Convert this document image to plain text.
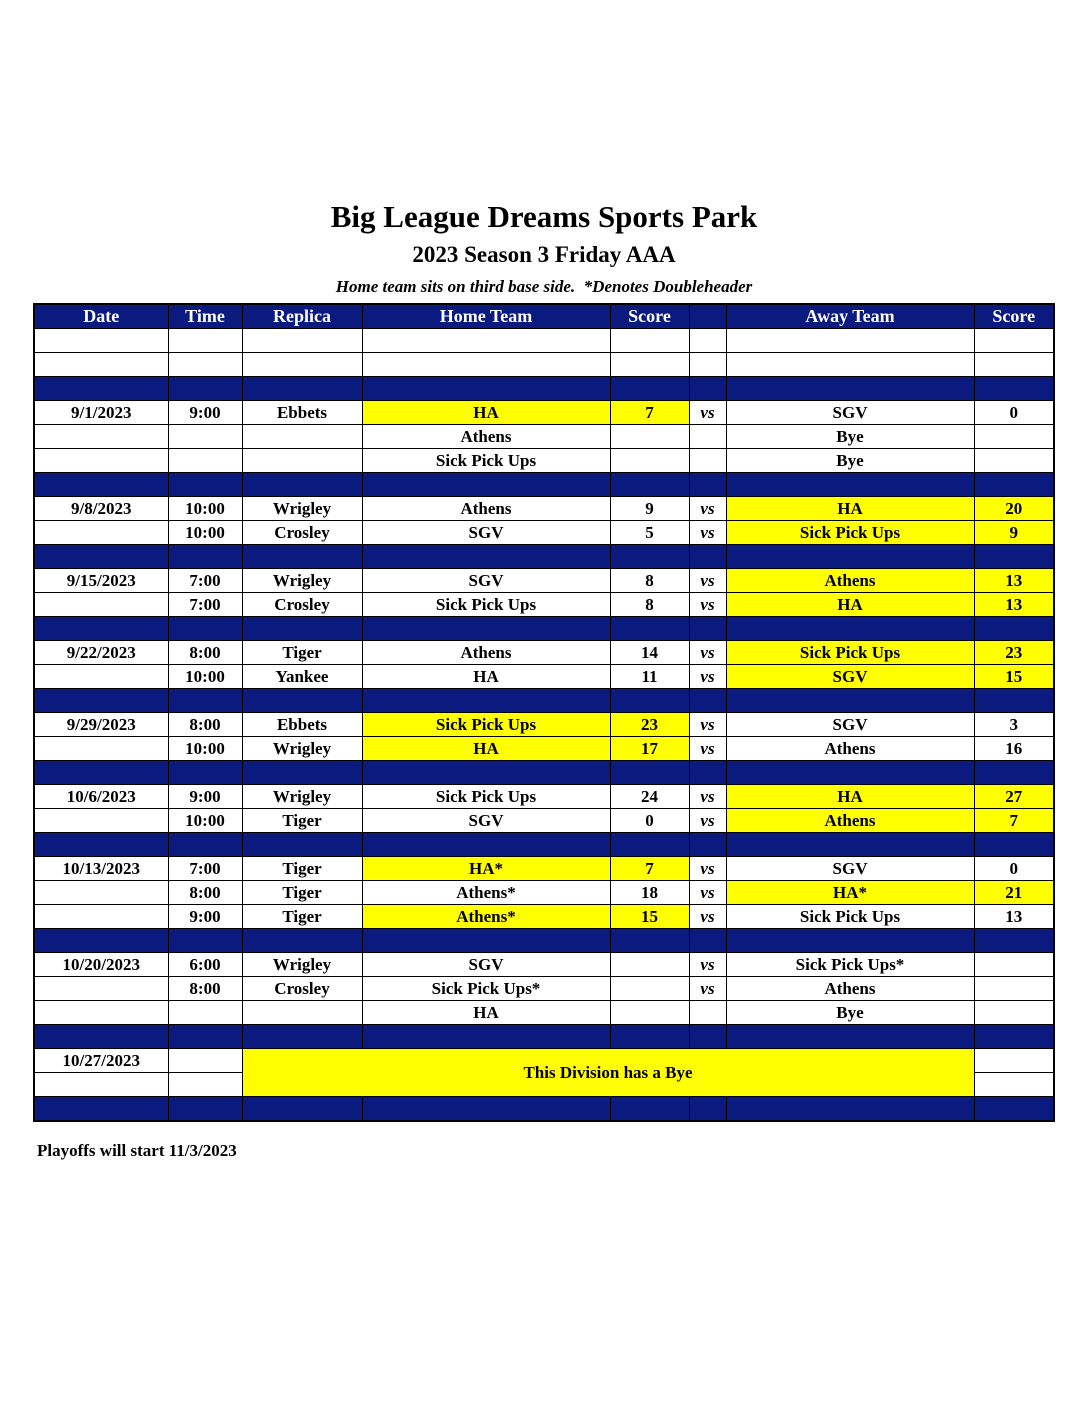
Big League Dreams Sports Park
2023 Season 3 Friday AAA
Home team sits on third base side.  *Denotes Doubleheader
Date	Time	Replica	Home Team	Score		Away Team	Score

9/1/2023	9:00	Ebbets	HA	7	vs	SGV	0
			Athens			Bye	
			Sick Pick Ups			Bye	

9/8/2023	10:00	Wrigley	Athens	9	vs	HA	20
	10:00	Crosley	SGV	5	vs	Sick Pick Ups	9

9/15/2023	7:00	Wrigley	SGV	8	vs	Athens	13
	7:00	Crosley	Sick Pick Ups	8	vs	HA	13

9/22/2023	8:00	Tiger	Athens	14	vs	Sick Pick Ups	23
	10:00	Yankee	HA	11	vs	SGV	15

9/29/2023	8:00	Ebbets	Sick Pick Ups	23	vs	SGV	3
	10:00	Wrigley	HA	17	vs	Athens	16

10/6/2023	9:00	Wrigley	Sick Pick Ups	24	vs	HA	27
	10:00	Tiger	SGV	0	vs	Athens	7

10/13/2023	7:00	Tiger	HA*	7	vs	SGV	0
	8:00	Tiger	Athens*	18	vs	HA*	21
	9:00	Tiger	Athens*	15	vs	Sick Pick Ups	13

10/20/2023	6:00	Wrigley	SGV		vs	Sick Pick Ups*	
	8:00	Crosley	Sick Pick Ups*		vs	Athens	
			HA			Bye	

10/27/2023		This Division has a Bye					

Playoffs will start 11/3/2023
